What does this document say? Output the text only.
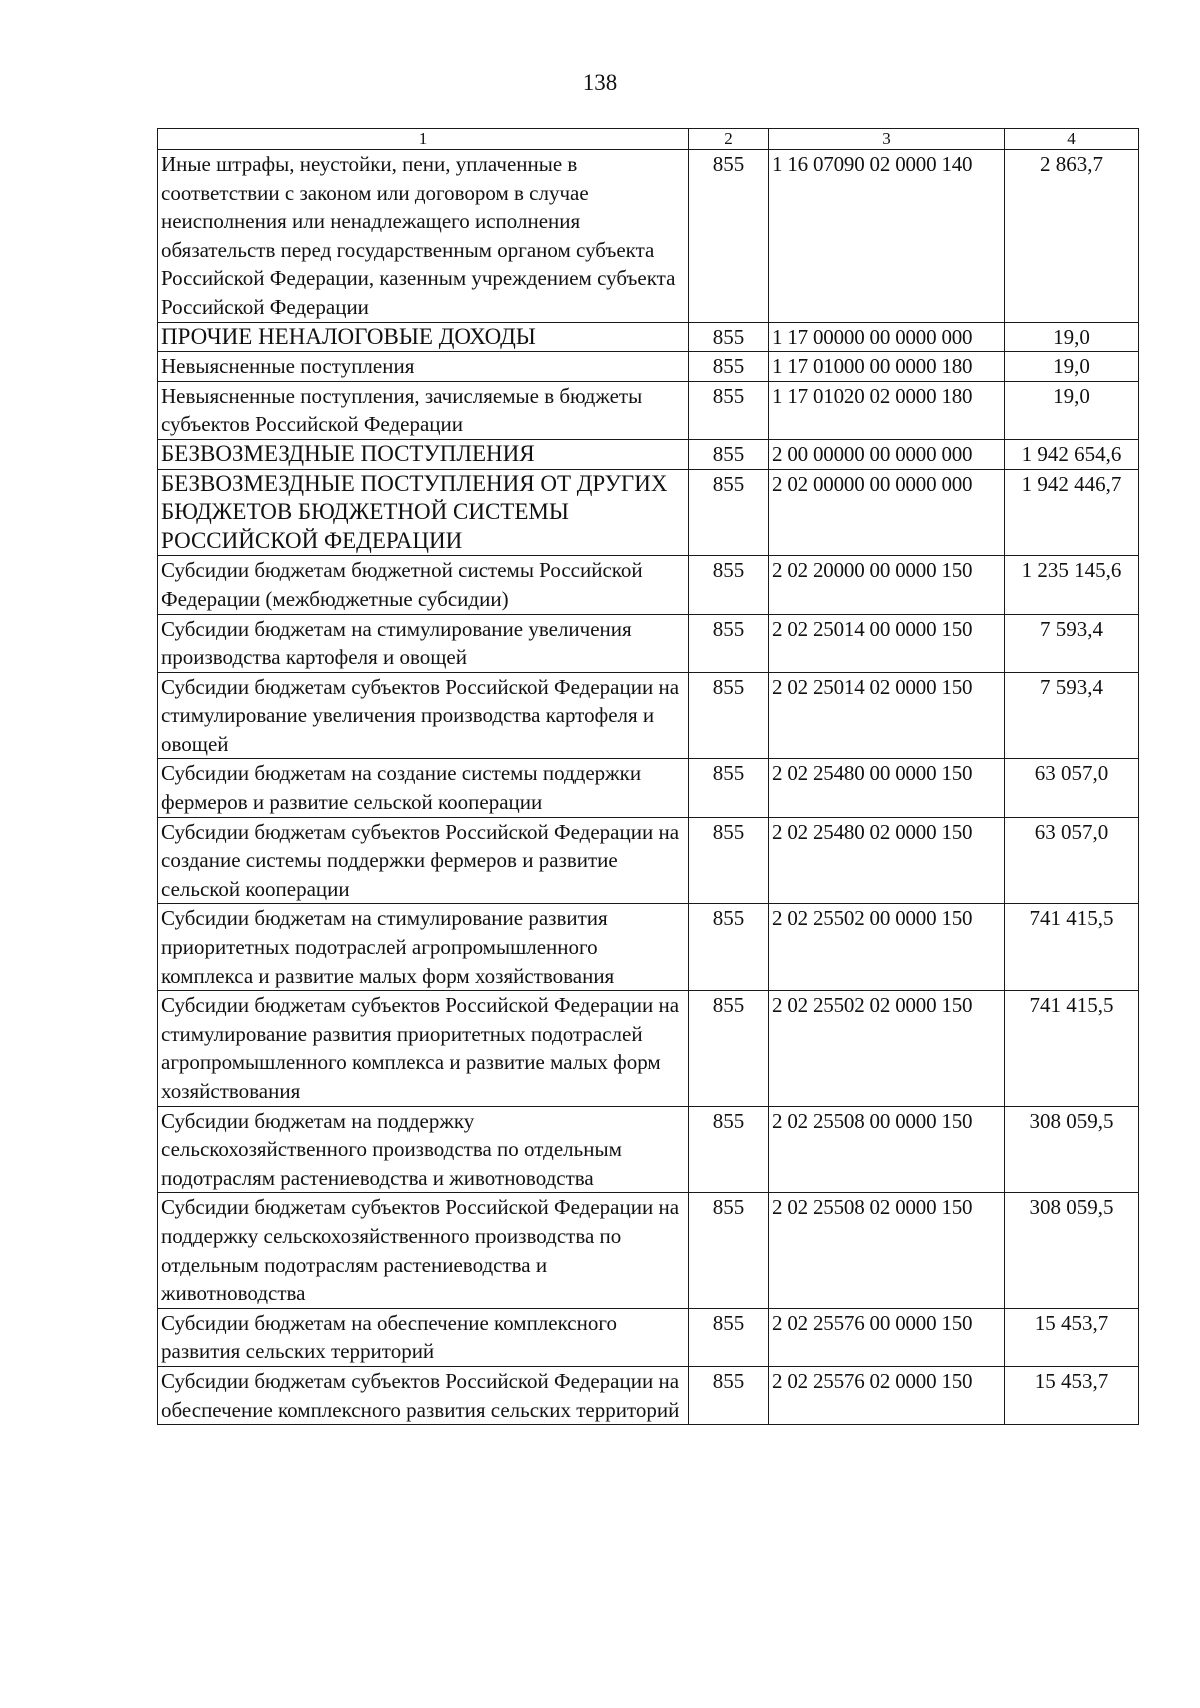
138
1	2	3	4
Иные штрафы, неустойки, пени, уплаченные в соответствии с законом или договором в случае неисполнения или ненадлежащего исполнения обязательств перед государственным органом субъекта Российской Федерации, казенным учреждением субъекта Российской Федерации	855	1 16 07090 02 0000 140	2 863,7
ПРОЧИЕ НЕНАЛОГОВЫЕ ДОХОДЫ	855	1 17 00000 00 0000 000	19,0
Невыясненные поступления	855	1 17 01000 00 0000 180	19,0
Невыясненные поступления, зачисляемые в бюджеты субъектов Российской Федерации	855	1 17 01020 02 0000 180	19,0
БЕЗВОЗМЕЗДНЫЕ ПОСТУПЛЕНИЯ	855	2 00 00000 00 0000 000	1 942 654,6
БЕЗВОЗМЕЗДНЫЕ ПОСТУПЛЕНИЯ ОТ ДРУГИХ БЮДЖЕТОВ БЮДЖЕТНОЙ СИСТЕМЫ РОССИЙСКОЙ ФЕДЕРАЦИИ	855	2 02 00000 00 0000 000	1 942 446,7
Субсидии бюджетам бюджетной системы Российской Федерации (межбюджетные субсидии)	855	2 02 20000 00 0000 150	1 235 145,6
Субсидии бюджетам на стимулирование увеличения производства картофеля и овощей	855	2 02 25014 00 0000 150	7 593,4
Субсидии бюджетам субъектов Российской Федерации на стимулирование увеличения производства картофеля и овощей	855	2 02 25014 02 0000 150	7 593,4
Субсидии бюджетам на создание системы поддержки фермеров и развитие сельской кооперации	855	2 02 25480 00 0000 150	63 057,0
Субсидии бюджетам субъектов Российской Федерации на создание системы поддержки фермеров и развитие сельской кооперации	855	2 02 25480 02 0000 150	63 057,0
Субсидии бюджетам на стимулирование развития приоритетных подотраслей агропромышленного комплекса и развитие малых форм хозяйствования	855	2 02 25502 00 0000 150	741 415,5
Субсидии бюджетам субъектов Российской Федерации на стимулирование развития приоритетных подотраслей агропромышленного комплекса и развитие малых форм хозяйствования	855	2 02 25502 02 0000 150	741 415,5
Субсидии бюджетам на поддержку сельскохозяйственного производства по отдельным подотраслям растениеводства и животноводства	855	2 02 25508 00 0000 150	308 059,5
Субсидии бюджетам субъектов Российской Федерации на поддержку сельскохозяйственного производства по отдельным подотраслям растениеводства и животноводства	855	2 02 25508 02 0000 150	308 059,5
Субсидии бюджетам на обеспечение комплексного развития сельских территорий	855	2 02 25576 00 0000 150	15 453,7
Субсидии бюджетам субъектов Российской Федерации на обеспечение комплексного развития сельских территорий	855	2 02 25576 02 0000 150	15 453,7
